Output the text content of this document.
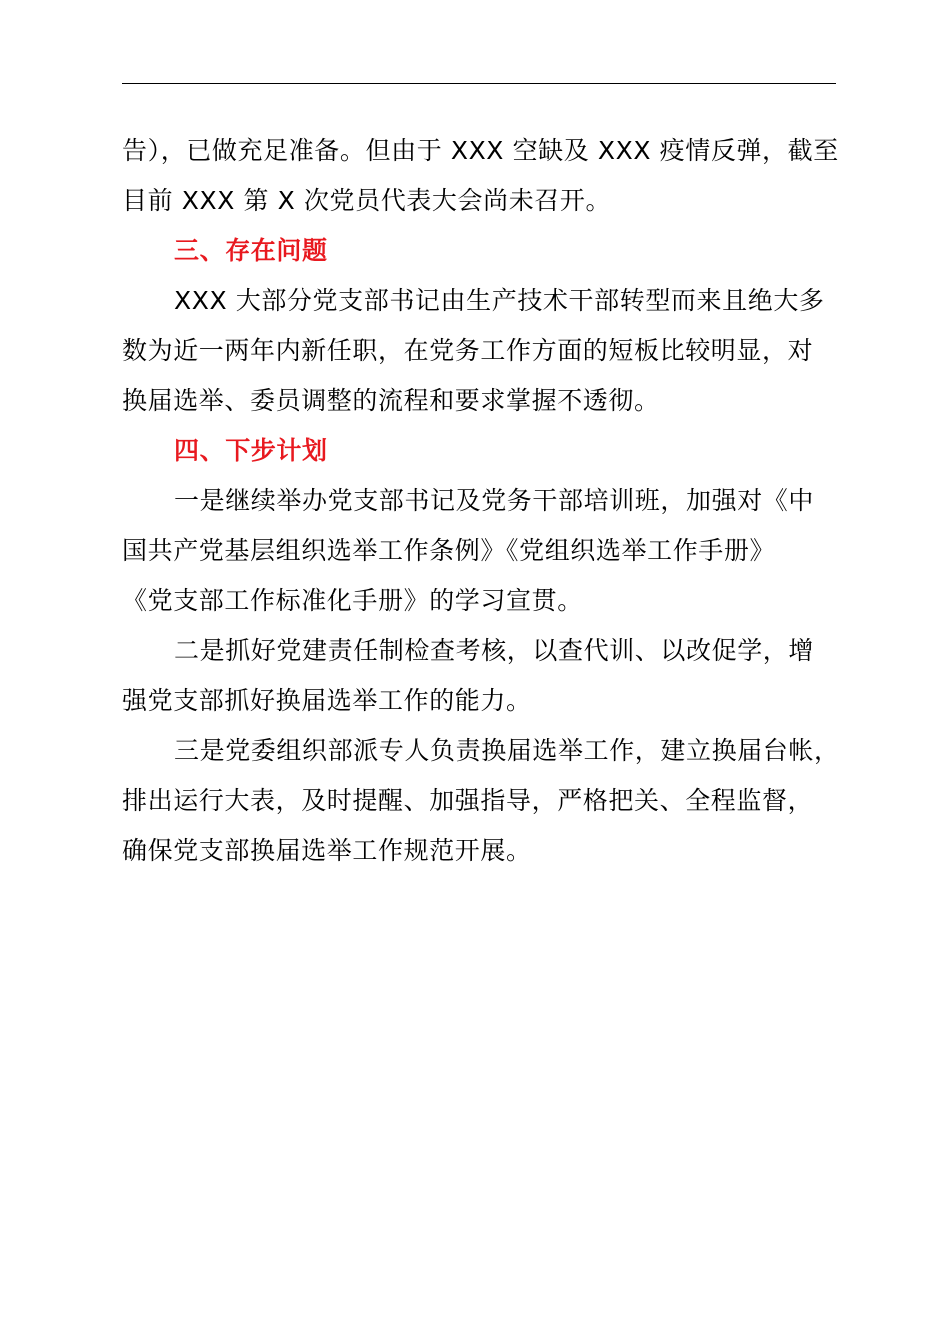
告），已做充足准备。但由于 XXX 空缺及 XXX 疫情反弹，截至
目前 XXX 第 X 次党员代表大会尚未召开。

三、存在问题

XXX 大部分党支部书记由生产技术干部转型而来且绝大多
数为近一两年内新任职，在党务工作方面的短板比较明显，对
换届选举、委员调整的流程和要求掌握不透彻。

四、下步计划

一是继续举办党支部书记及党务干部培训班，加强对《中
国共产党基层组织选举工作条例》《党组织选举工作手册》
《党支部工作标准化手册》的学习宣贯。

二是抓好党建责任制检查考核，以查代训、以改促学，增
强党支部抓好换届选举工作的能力。

三是党委组织部派专人负责换届选举工作，建立换届台帐，
排出运行大表，及时提醒、加强指导，严格把关、全程监督，
确保党支部换届选举工作规范开展。
